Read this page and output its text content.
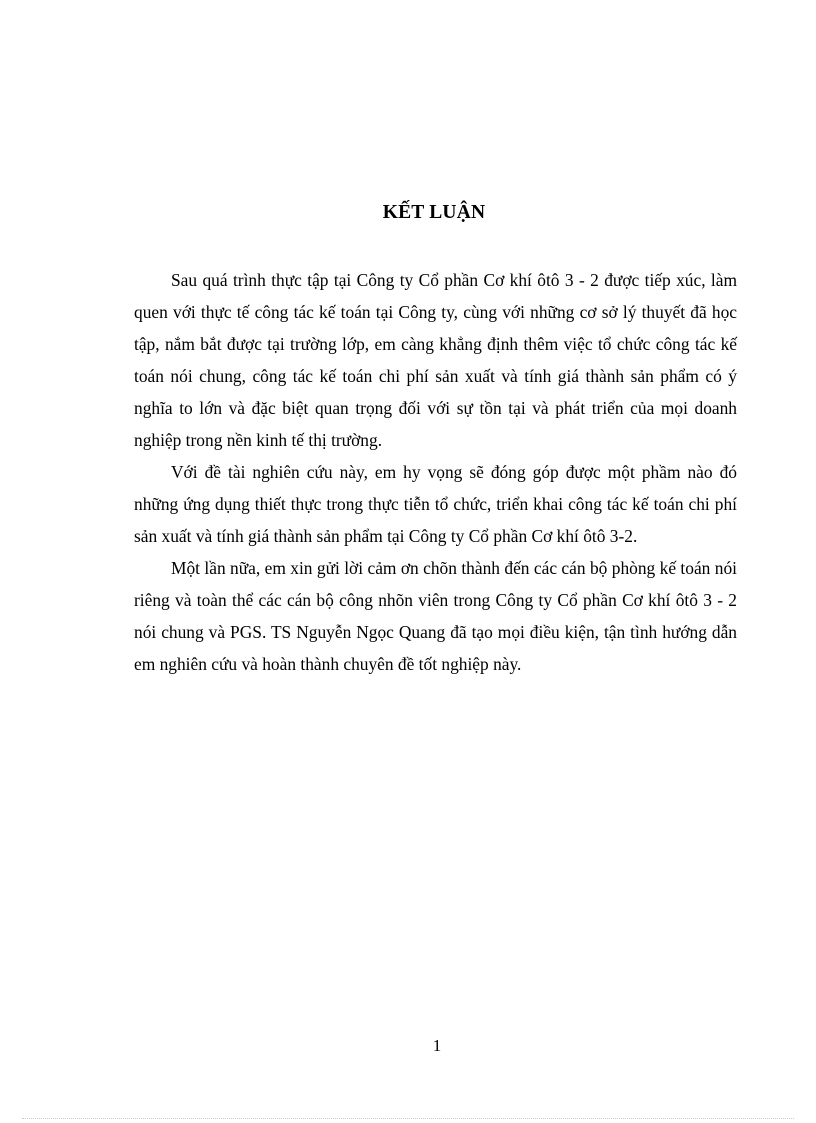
KẾT LUẬN

Sau quá trình thực tập tại Công ty Cổ phần Cơ khí ôtô 3 - 2 được tiếp xúc, làm quen với thực tế công tác kế toán tại Công ty, cùng với những cơ sở lý thuyết đã học tập, nắm bắt được tại trường lớp, em càng khẳng định thêm việc tổ chức công tác kế toán nói chung, công tác kế toán chi phí sản xuất và tính giá thành sản phẩm có ý nghĩa to lớn và đặc biệt quan trọng đối với sự tồn tại và phát triển của mọi doanh nghiệp trong nền kinh tế thị trường.

Với đề tài nghiên cứu này, em hy vọng sẽ đóng góp được một phầm nào đó những ứng dụng thiết thực trong thực tiễn tổ chức, triển khai công tác kế toán chi phí sản xuất và tính giá thành sản phẩm tại Công ty Cổ phần Cơ khí ôtô 3-2.

Một lần nữa, em xin gửi lời cảm ơn chõn thành đến các cán bộ phòng kế toán nói riêng và toàn thể các cán bộ công nhõn viên trong Công ty Cổ phần Cơ khí ôtô 3 - 2 nói chung và PGS. TS Nguyễn Ngọc Quang đã tạo mọi điều kiện, tận tình hướng dẫn em nghiên cứu và hoàn thành chuyên đề tốt nghiệp này.

1
